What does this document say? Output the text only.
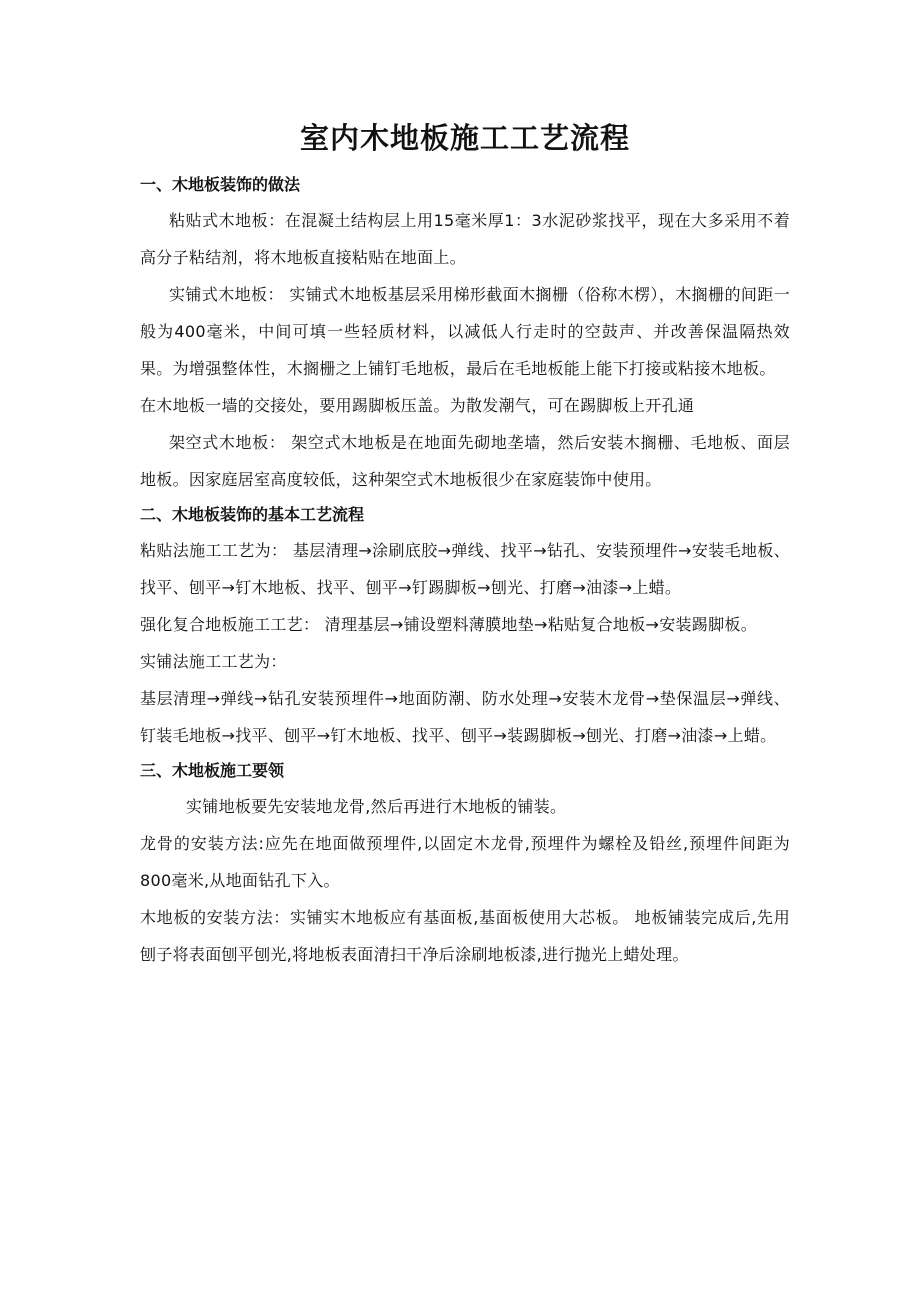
室内木地板施工工艺流程
一、木地板装饰的做法

粘贴式木地板：在混凝土结构层上用15毫米厚1：3水泥砂浆找平，现在大多采用不着高分子粘结剂，将木地板直接粘贴在地面上。

实铺式木地板： 实铺式木地板基层采用梯形截面木搁栅（俗称木楞），木搁栅的间距一般为400毫米，中间可填一些轻质材料，以减低人行走时的空鼓声、并改善保温隔热效果。为增强整体性，木搁栅之上铺钉毛地板，最后在毛地板能上能下打接或粘接木地板。

在木地板一墙的交接处，要用踢脚板压盖。为散发潮气，可在踢脚板上开孔通

架空式木地板： 架空式木地板是在地面先砌地垄墙，然后安装木搁栅、毛地板、面层地板。因家庭居室高度较低，这种架空式木地板很少在家庭装饰中使用。

二、木地板装饰的基本工艺流程

粘贴法施工工艺为： 基层清理→涂刷底胶→弹线、找平→钻孔、安装预埋件→安装毛地板、找平、刨平→钉木地板、找平、刨平→钉踢脚板→刨光、打磨→油漆→上蜡。

强化复合地板施工工艺： 清理基层→铺设塑料薄膜地垫→粘贴复合地板→安装踢脚板。

实铺法施工工艺为：

基层清理→弹线→钻孔安装预埋件→地面防潮、防水处理→安装木龙骨→垫保温层→弹线、钉装毛地板→找平、刨平→钉木地板、找平、刨平→装踢脚板→刨光、打磨→油漆→上蜡。

三、木地板施工要领

实铺地板要先安装地龙骨,然后再进行木地板的铺装。

龙骨的安装方法:应先在地面做预埋件,以固定木龙骨,预埋件为螺栓及铅丝,预埋件间距为800毫米,从地面钻孔下入。

木地板的安装方法：实铺实木地板应有基面板,基面板使用大芯板。 地板铺装完成后,先用刨子将表面刨平刨光,将地板表面清扫干净后涂刷地板漆,进行抛光上蜡处理。
